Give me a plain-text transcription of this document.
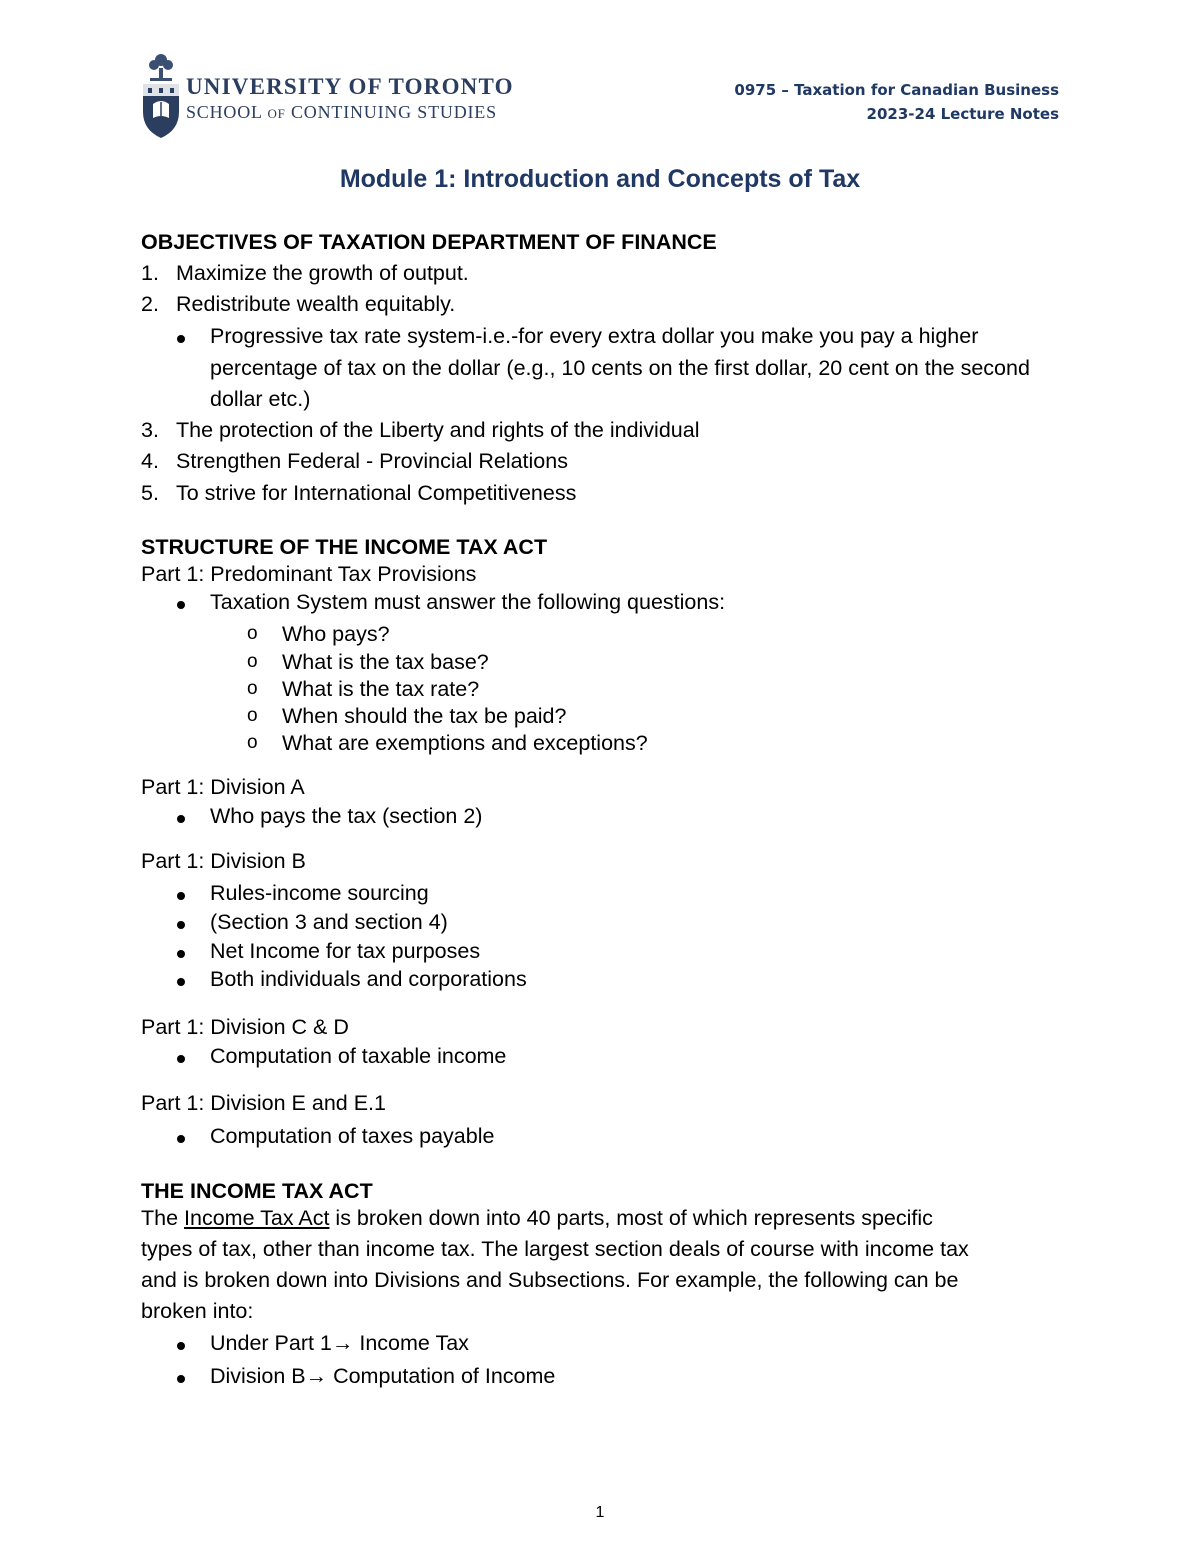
UNIVERSITY OF TORONTO
SCHOOL OF CONTINUING STUDIES
0975 – Taxation for Canadian Business
2023-24 Lecture Notes
Module 1: Introduction and Concepts of Tax
OBJECTIVES OF TAXATION DEPARTMENT OF FINANCE
1. Maximize the growth of output.
2. Redistribute wealth equitably.
Progressive tax rate system-i.e.-for every extra dollar you make you pay a higher
percentage of tax on the dollar (e.g., 10 cents on the first dollar, 20 cent on the second
dollar etc.)
3. The protection of the Liberty and rights of the individual
4. Strengthen Federal - Provincial Relations
5. To strive for International Competitiveness
STRUCTURE OF THE INCOME TAX ACT
Part 1: Predominant Tax Provisions
Taxation System must answer the following questions:
o Who pays?
o What is the tax base?
o What is the tax rate?
o When should the tax be paid?
o What are exemptions and exceptions?
Part 1: Division A
Who pays the tax (section 2)
Part 1: Division B
Rules-income sourcing
(Section 3 and section 4)
Net Income for tax purposes
Both individuals and corporations
Part 1: Division C & D
Computation of taxable income
Part 1: Division E and E.1
Computation of taxes payable
THE INCOME TAX ACT
The Income Tax Act is broken down into 40 parts, most of which represents specific
types of tax, other than income tax. The largest section deals of course with income tax
and is broken down into Divisions and Subsections. For example, the following can be
broken into:
Under Part 1→ Income Tax
Division B→ Computation of Income
1
